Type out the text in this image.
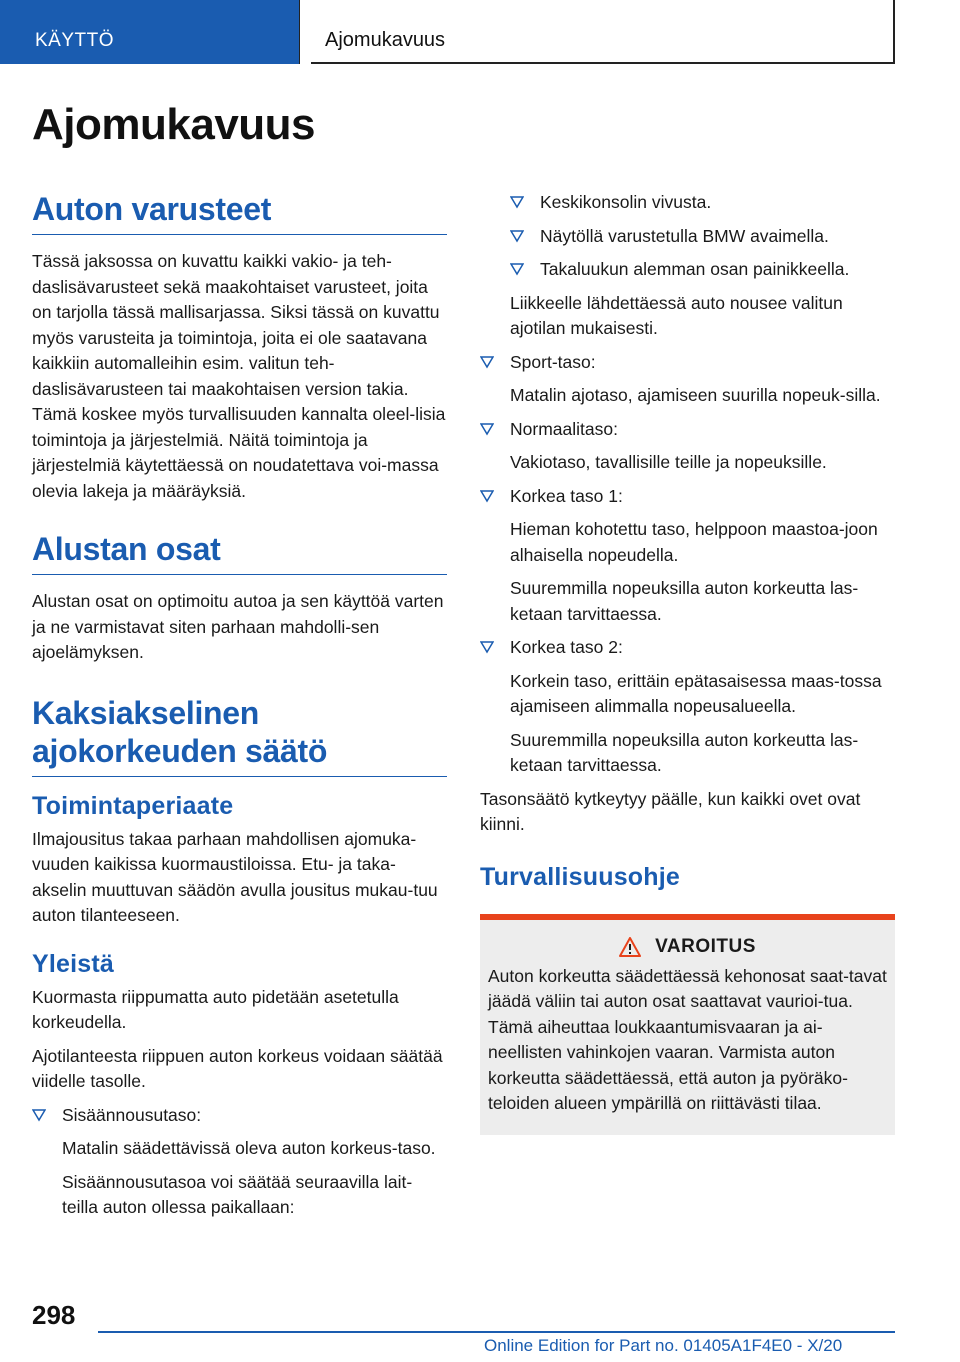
KÄYTTÖ	Ajomukavuus
Ajomukavuus
Auton varusteet
Tässä jaksossa on kuvattu kaikki vakio- ja teh-daslisävarusteet sekä maakohtaiset varusteet, joita on tarjolla tässä mallisarjassa. Siksi tässä on kuvattu myös varusteita ja toimintoja, joita ei ole saatavana kaikkiin automalleihin esim. valitun teh-daslisävarusteen tai maakohtaisen version takia. Tämä koskee myös turvallisuuden kannalta oleel-lisia toimintoja ja järjestelmiä. Näitä toimintoja ja järjestelmiä käytettäessä on noudatettava voi-massa olevia lakeja ja määräyksiä.
Alustan osat
Alustan osat on optimoitu autoa ja sen käyttöä varten ja ne varmistavat siten parhaan mahdolli-sen ajoelämyksen.
Kaksiakselinen ajokorkeuden säätö
Toimintaperiaate
Ilmajousitus takaa parhaan mahdollisen ajomuka-vuuden kaikissa kuormaustiloissa. Etu- ja taka-akselin muuttuvan säädön avulla jousitus mukau-tuu auton tilanteeseen.
Yleistä
Kuormasta riippumatta auto pidetään asetetulla korkeudella.
Ajotilanteesta riippuen auton korkeus voidaan säätää viidelle tasolle.
Sisäännousutaso:
Matalin säädettävissä oleva auton korkeus-taso.
Sisäännousutasoa voi säätää seuraavilla lait-teilla auton ollessa paikallaan:
Keskikonsolin vivusta.
Näytöllä varustetulla BMW avaimella.
Takaluukun alemman osan painikkeella.
Liikkeelle lähdettäessä auto nousee valitun ajotilan mukaisesti.
Sport-taso:
Matalin ajotaso, ajamiseen suurilla nopeuk-silla.
Normaalitaso:
Vakiotaso, tavallisille teille ja nopeuksille.
Korkea taso 1:
Hieman kohotettu taso, helppoon maastoa-joon alhaisella nopeudella.
Suuremmilla nopeuksilla auton korkeutta las-ketaan tarvittaessa.
Korkea taso 2:
Korkein taso, erittäin epätasaisessa maas-tossa ajamiseen alimmalla nopeusalueella.
Suuremmilla nopeuksilla auton korkeutta las-ketaan tarvittaessa.
Tasonsäätö kytkeytyy päälle, kun kaikki ovet ovat kiinni.
Turvallisuusohje
VAROITUS
Auton korkeutta säädettäessä kehonosat saat-tavat jäädä väliin tai auton osat saattavat vaurioi-tua. Tämä aiheuttaa loukkaantumisvaaran ja ai-neellisten vahinkojen vaaran. Varmista auton korkeutta säädettäessä, että auton ja pyöräko-teloiden alueen ympärillä on riittävästi tilaa.
298
Online Edition for Part no. 01405A1F4E0 - X/20
